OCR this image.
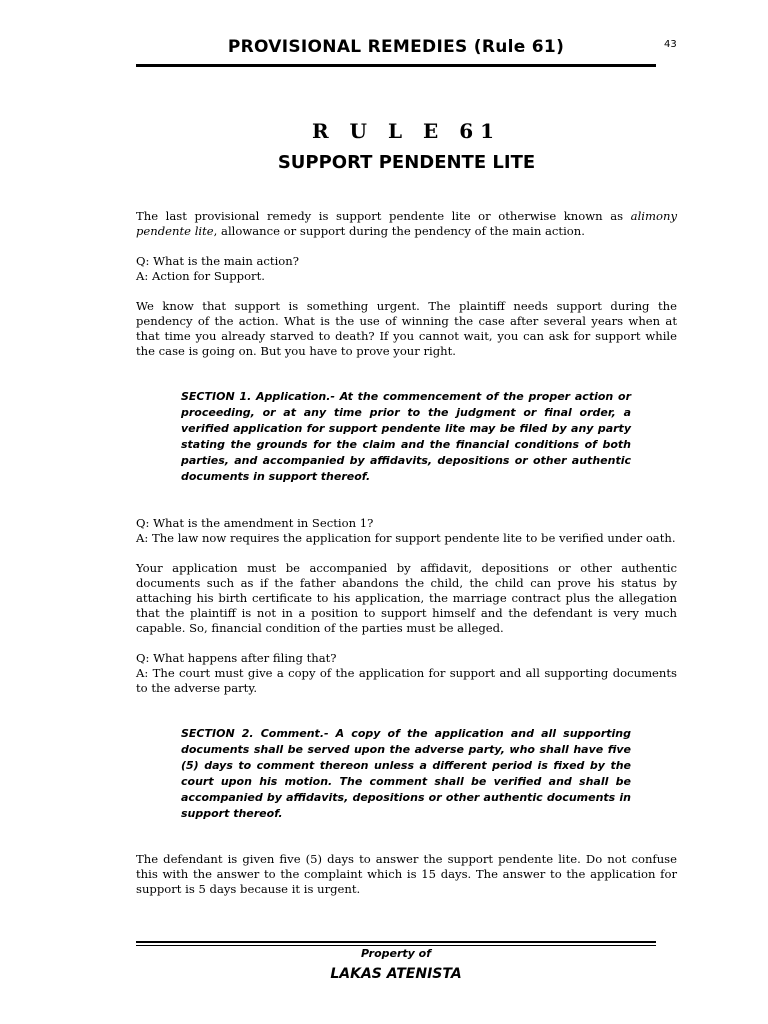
PROVISIONAL REMEDIES (Rule 61)	43
R U L E 61
SUPPORT PENDENTE LITE

The last provisional remedy is support pendente lite or otherwise known as alimony pendente lite, allowance or support during the pendency of the main action.

Q: What is the main action?

A: Action for Support.

We know that support is something urgent. The plaintiff needs support during the pendency of the action. What is the use of winning the case after several years when at that time you already starved to death? If you cannot wait, you can ask for support while the case is going on. But you have to prove your right.

SECTION 1. Application.- At the commencement of the proper action or proceeding, or at any time prior to the judgment or final order, a verified application for support pendente lite may be filed by any party stating the grounds for the claim and the financial conditions of both parties, and accompanied by affidavits, depositions or other authentic documents in support thereof.

Q: What is the amendment in Section 1?

A: The law now requires the application for support pendente lite to be verified under oath.

Your application must be accompanied by affidavit, depositions or other authentic documents such as if the father abandons the child, the child can prove his status by attaching his birth certificate to his application, the marriage contract plus the allegation that the plaintiff is not in a position to support himself and the defendant is very much capable. So, financial condition of the parties must be alleged.

Q: What happens after filing that?

A: The court must give a copy of the application for support and all supporting documents to the adverse party.

SECTION 2. Comment.- A copy of the application and all supporting documents shall be served upon the adverse party, who shall have five (5) days to comment thereon unless a different period is fixed by the court upon his motion. The comment shall be verified and shall be accompanied by affidavits, depositions or other authentic documents in support thereof.

The defendant is given five (5) days to answer the support pendente lite. Do not confuse this with the answer to the complaint which is 15 days. The answer to the application for support is 5 days because it is urgent.

Property of
LAKAS ATENISTA
